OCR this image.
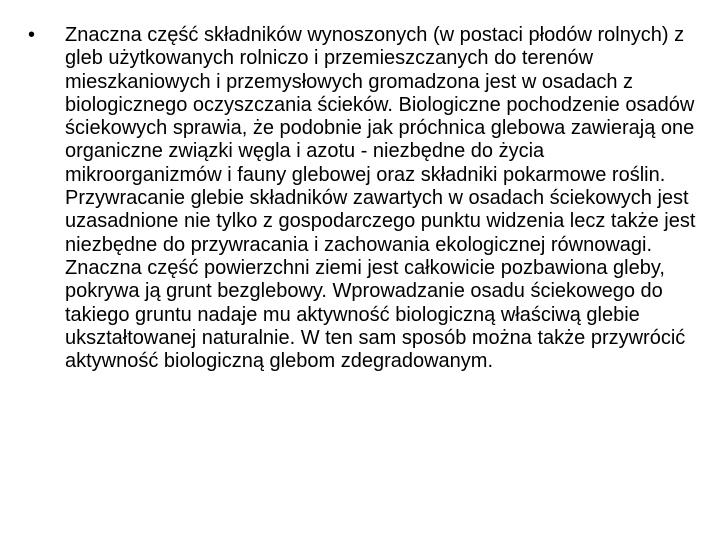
• Znaczna część składników wynoszonych (w postaci płodów rolnych) z gleb użytkowanych rolniczo i przemieszczanych do terenów mieszkaniowych i przemysłowych gromadzona jest w osadach z biologicznego oczyszczania ścieków. Biologiczne pochodzenie osadów ściekowych sprawia, że podobnie jak próchnica glebowa zawierają one organiczne związki węgla i azotu - niezbędne do życia mikroorganizmów i fauny glebowej oraz składniki pokarmowe roślin. Przywracanie glebie składników zawartych w osadach ściekowych jest uzasadnione nie tylko z gospodarczego punktu widzenia lecz także jest niezbędne do przywracania i zachowania ekologicznej równowagi. Znaczna część powierzchni ziemi jest całkowicie pozbawiona gleby, pokrywa ją grunt bezglebowy. Wprowadzanie osadu ściekowego do takiego gruntu nadaje mu aktywność biologiczną właściwą glebie ukształtowanej naturalnie. W ten sam sposób można także przywrócić aktywność biologiczną glebom zdegradowanym.
